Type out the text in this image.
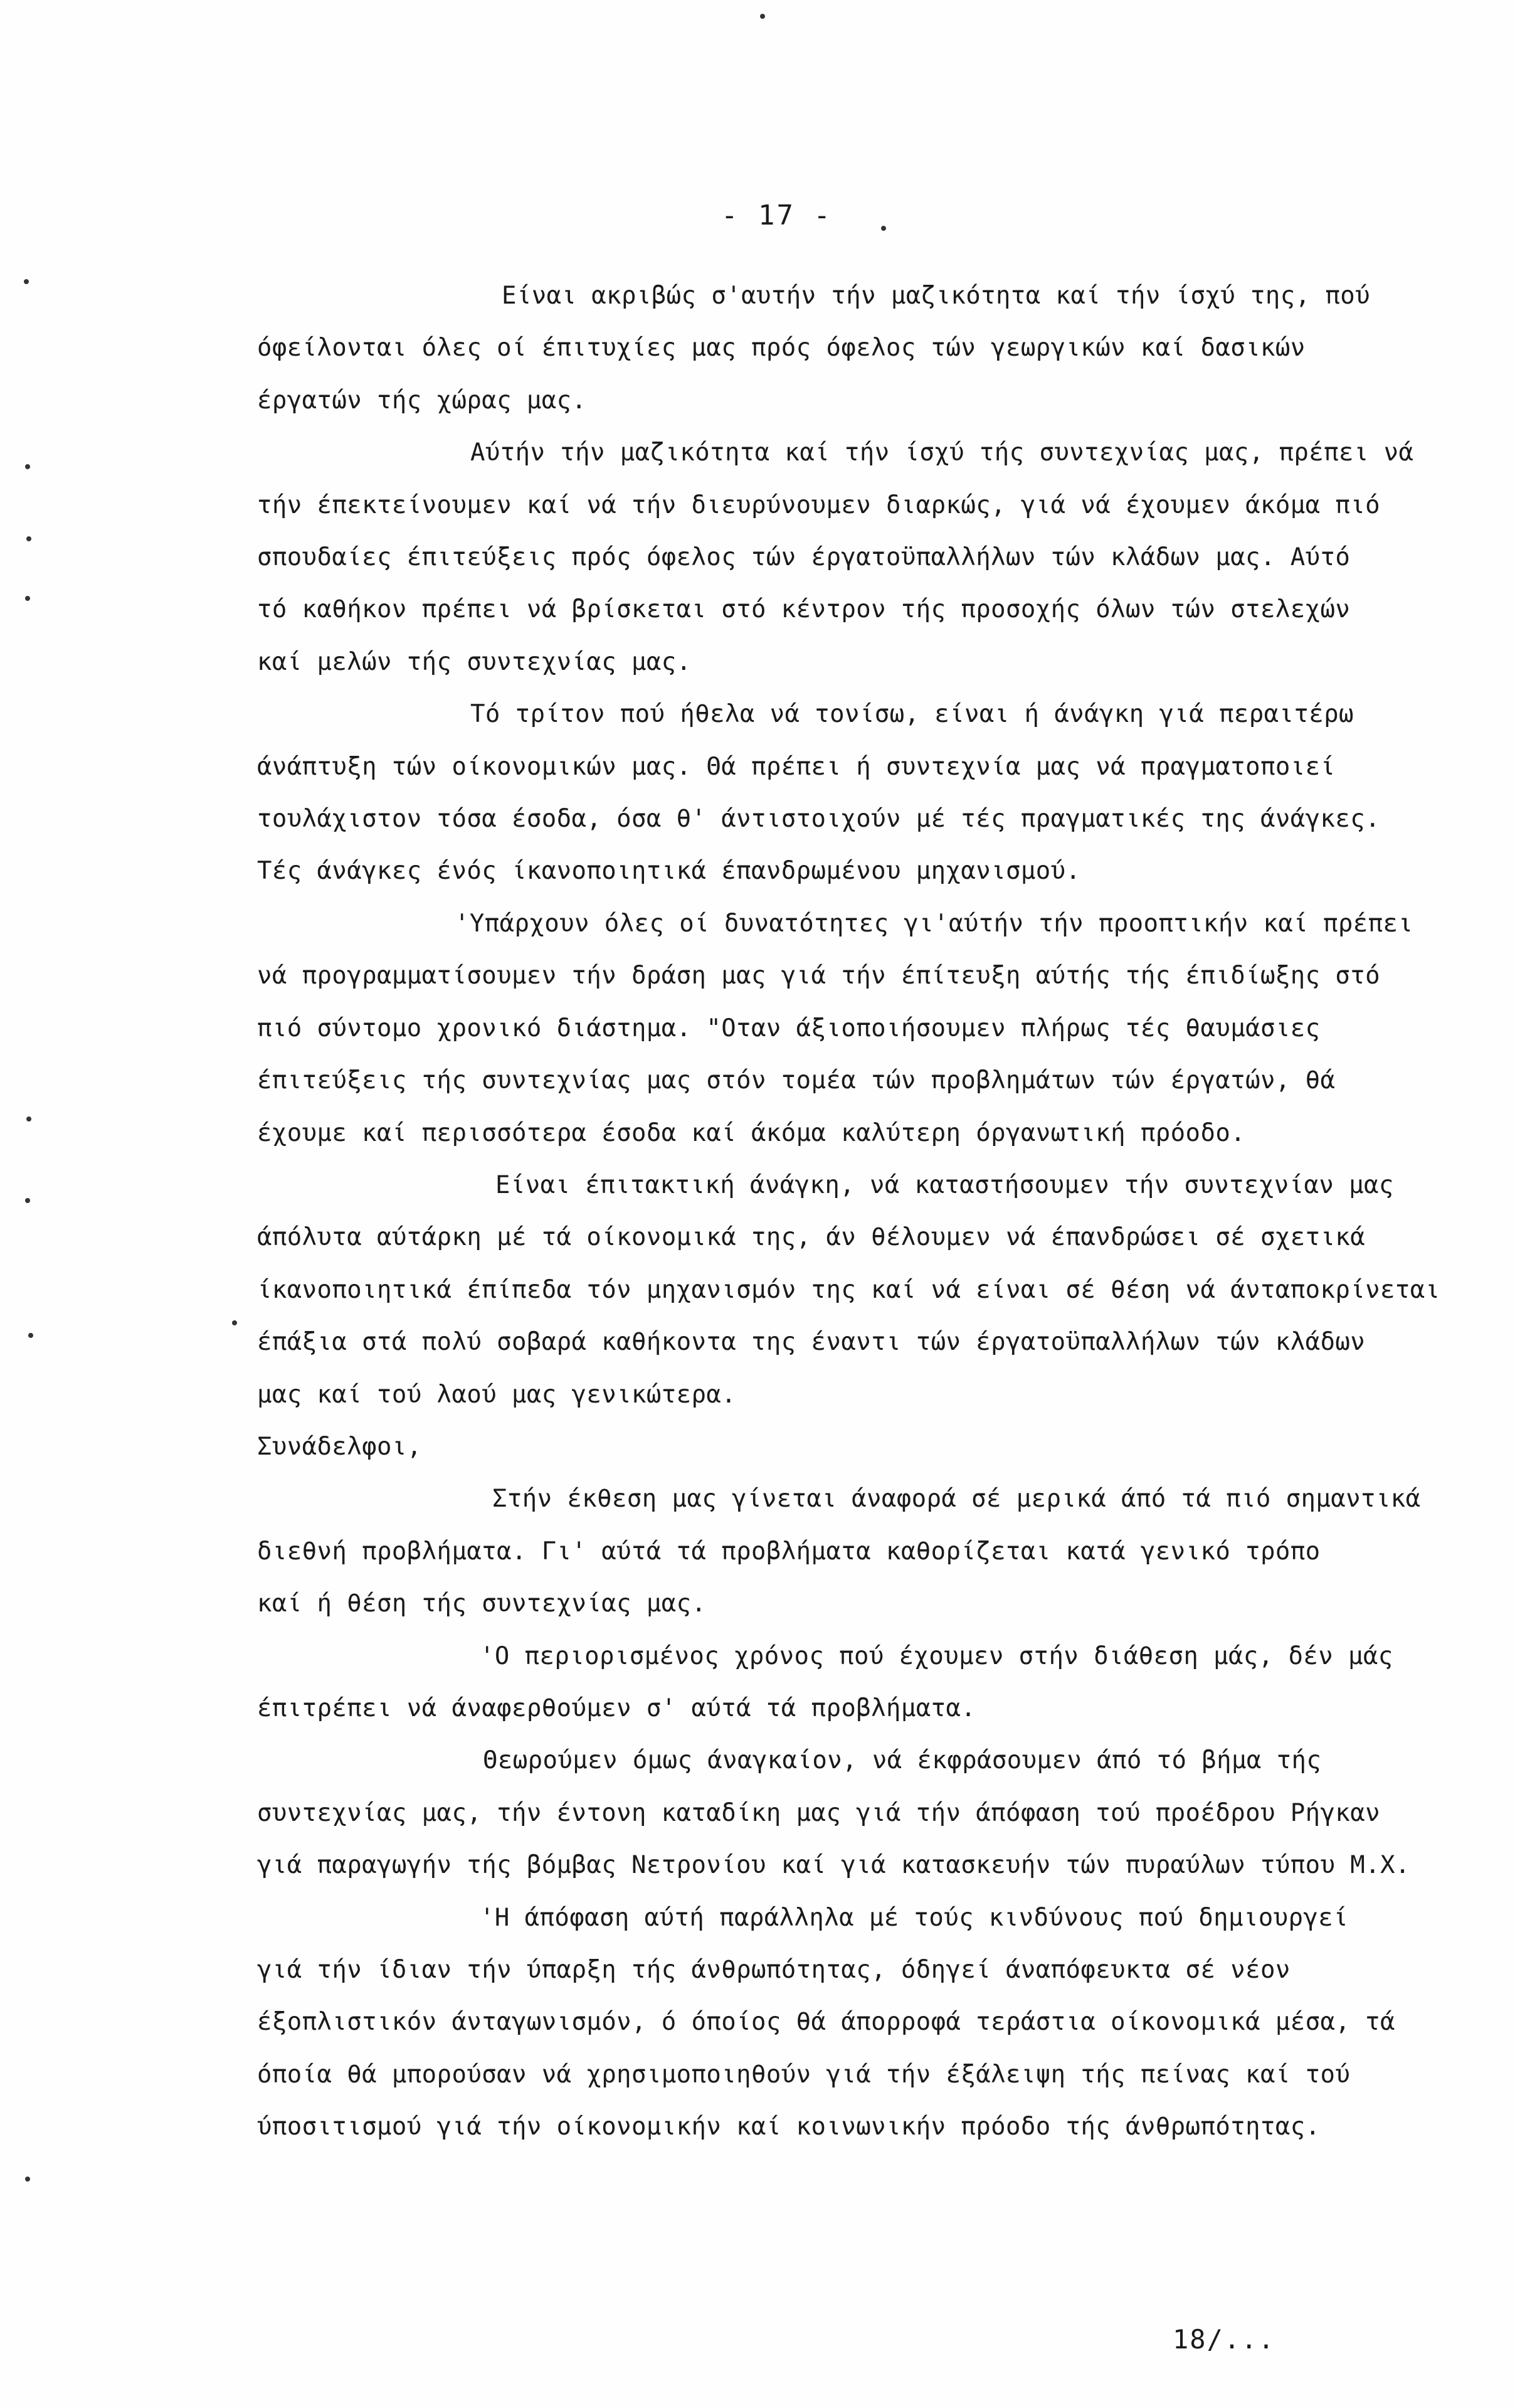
- 17 -
Είναι ακριβώς σ'αυτήν τήν μαζικότητα καί τήν ίσχύ της, πού
όφείλονται όλες οί έπιτυχίες μας πρός όφελος τών γεωργικών καί δασικών
έργατών τής χώρας μας.
Αύτήν τήν μαζικότητα καί τήν ίσχύ τής συντεχνίας μας, πρέπει νά
τήν έπεκτείνουμεν καί νά τήν διευρύνουμεν διαρκώς, γιά νά έχουμεν άκόμα πιό
σπουδαίες έπιτεύξεις πρός όφελος τών έργατοϋπαλλήλων τών κλάδων μας. Αύτό
τό καθήκον πρέπει νά βρίσκεται στό κέντρον τής προσοχής όλων τών στελεχών
καί μελών τής συντεχνίας μας.
Τό τρίτον πού ήθελα νά τονίσω, είναι ή άνάγκη γιά περαιτέρω
άνάπτυξη τών οίκονομικών μας. Θά πρέπει ή συντεχνία μας νά πραγματοποιεί
τουλάχιστον τόσα έσοδα, όσα θ' άντιστοιχούν μέ τές πραγματικές της άνάγκες.
Τές άνάγκες ένός ίκανοποιητικά έπανδρωμένου μηχανισμού.
'Υπάρχουν όλες οί δυνατότητες γι'αύτήν τήν προοπτικήν καί πρέπει
νά προγραμματίσουμεν τήν δράση μας γιά τήν έπίτευξη αύτής τής έπιδίωξης στό
πιό σύντομο χρονικό διάστημα. "Οταν άξιοποιήσουμεν πλήρως τές θαυμάσιες
έπιτεύξεις τής συντεχνίας μας στόν τομέα τών προβλημάτων τών έργατών, θά
έχουμε καί περισσότερα έσοδα καί άκόμα καλύτερη όργανωτική πρόοδο.
Είναι έπιτακτική άνάγκη, νά καταστήσουμεν τήν συντεχνίαν μας
άπόλυτα αύτάρκη μέ τά οίκονομικά της, άν θέλουμεν νά έπανδρώσει σέ σχετικά
ίκανοποιητικά έπίπεδα τόν μηχανισμόν της καί νά είναι σέ θέση νά άνταποκρίνεται
έπάξια στά πολύ σοβαρά καθήκοντα της έναντι τών έργατοϋπαλλήλων τών κλάδων
μας καί τού λαού μας γενικώτερα.
Συνάδελφοι,
Στήν έκθεση μας γίνεται άναφορά σέ μερικά άπό τά πιό σημαντικά
διεθνή προβλήματα. Γι' αύτά τά προβλήματα καθορίζεται κατά γενικό τρόπο
καί ή θέση τής συντεχνίας μας.
'Ο περιορισμένος χρόνος πού έχουμεν στήν διάθεση μάς, δέν μάς
έπιτρέπει νά άναφερθούμεν σ' αύτά τά προβλήματα.
Θεωρούμεν όμως άναγκαίον, νά έκφράσουμεν άπό τό βήμα τής
συντεχνίας μας, τήν έντονη καταδίκη μας γιά τήν άπόφαση τού προέδρου Ρήγκαν
γιά παραγωγήν τής βόμβας Νετρονίου καί γιά κατασκευήν τών πυραύλων τύπου Μ.Χ.
'Η άπόφαση αύτή παράλληλα μέ τούς κινδύνους πού δημιουργεί
γιά τήν ίδιαν τήν ύπαρξη τής άνθρωπότητας, όδηγεί άναπόφευκτα σέ νέον
έξοπλιστικόν άνταγωνισμόν, ό όποίος θά άπορροφά τεράστια οίκονομικά μέσα, τά
όποία θά μπορούσαν νά χρησιμοποιηθούν γιά τήν έξάλειψη τής πείνας καί τού
ύποσιτισμού γιά τήν οίκονομικήν καί κοινωνικήν πρόοδο τής άνθρωπότητας.
18/...
